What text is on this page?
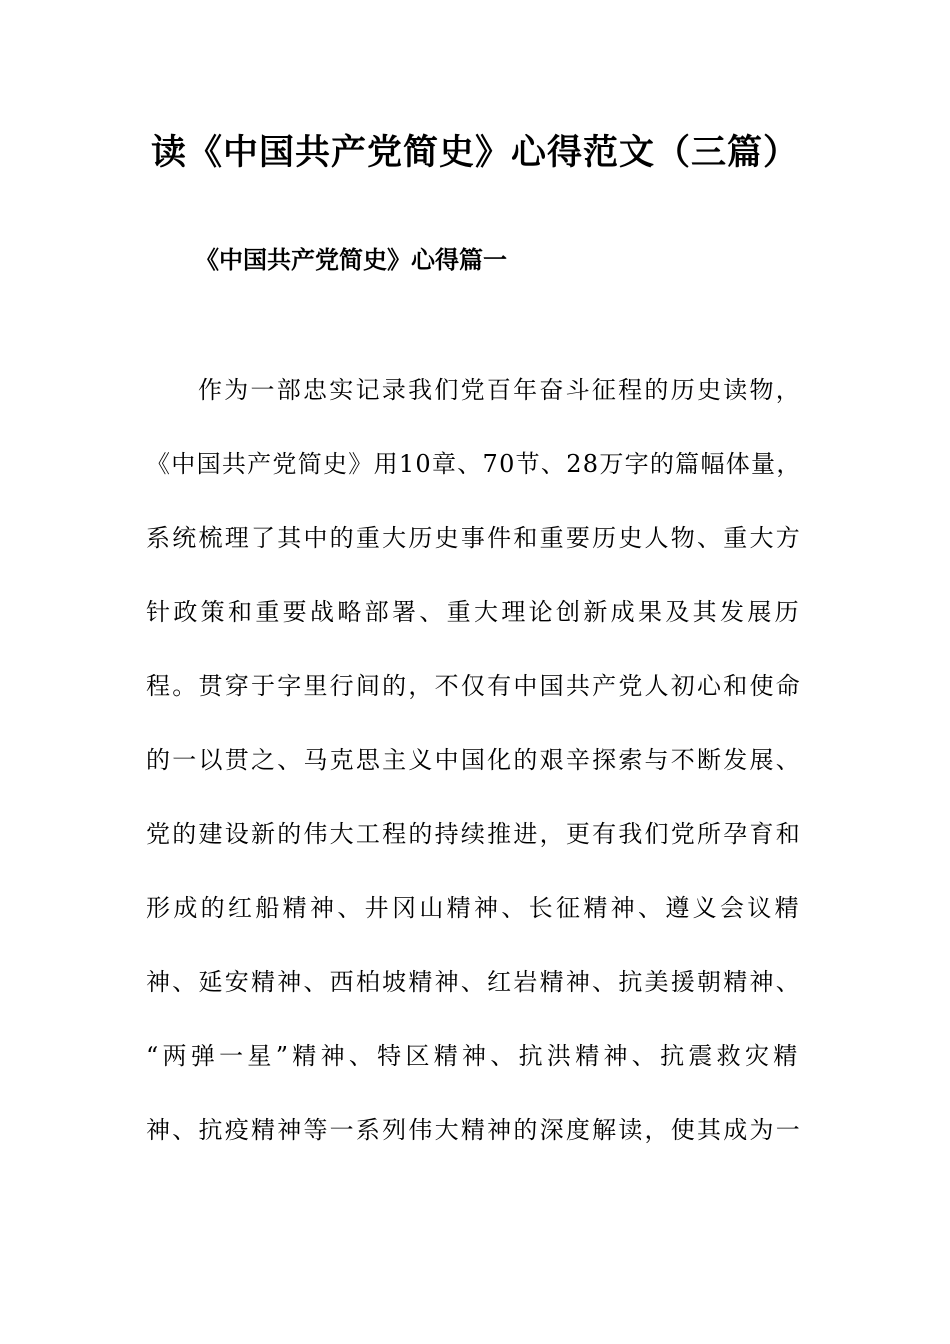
读《中国共产党简史》心得范文（三篇）
《中国共产党简史》心得篇一
作为一部忠实记录我们党百年奋斗征程的历史读物，
《中国共产党简史》用10章、70节、28万字的篇幅体量，
系统梳理了其中的重大历史事件和重要历史人物、重大方
针政策和重要战略部署、重大理论创新成果及其发展历
程。贯穿于字里行间的，不仅有中国共产党人初心和使命
的一以贯之、马克思主义中国化的艰辛探索与不断发展、
党的建设新的伟大工程的持续推进，更有我们党所孕育和
形成的红船精神、井冈山精神、长征精神、遵义会议精
神、延安精神、西柏坡精神、红岩精神、抗美援朝精神、
“两弹一星”精神、特区精神、抗洪精神、抗震救灾精
神、抗疫精神等一系列伟大精神的深度解读，使其成为一
